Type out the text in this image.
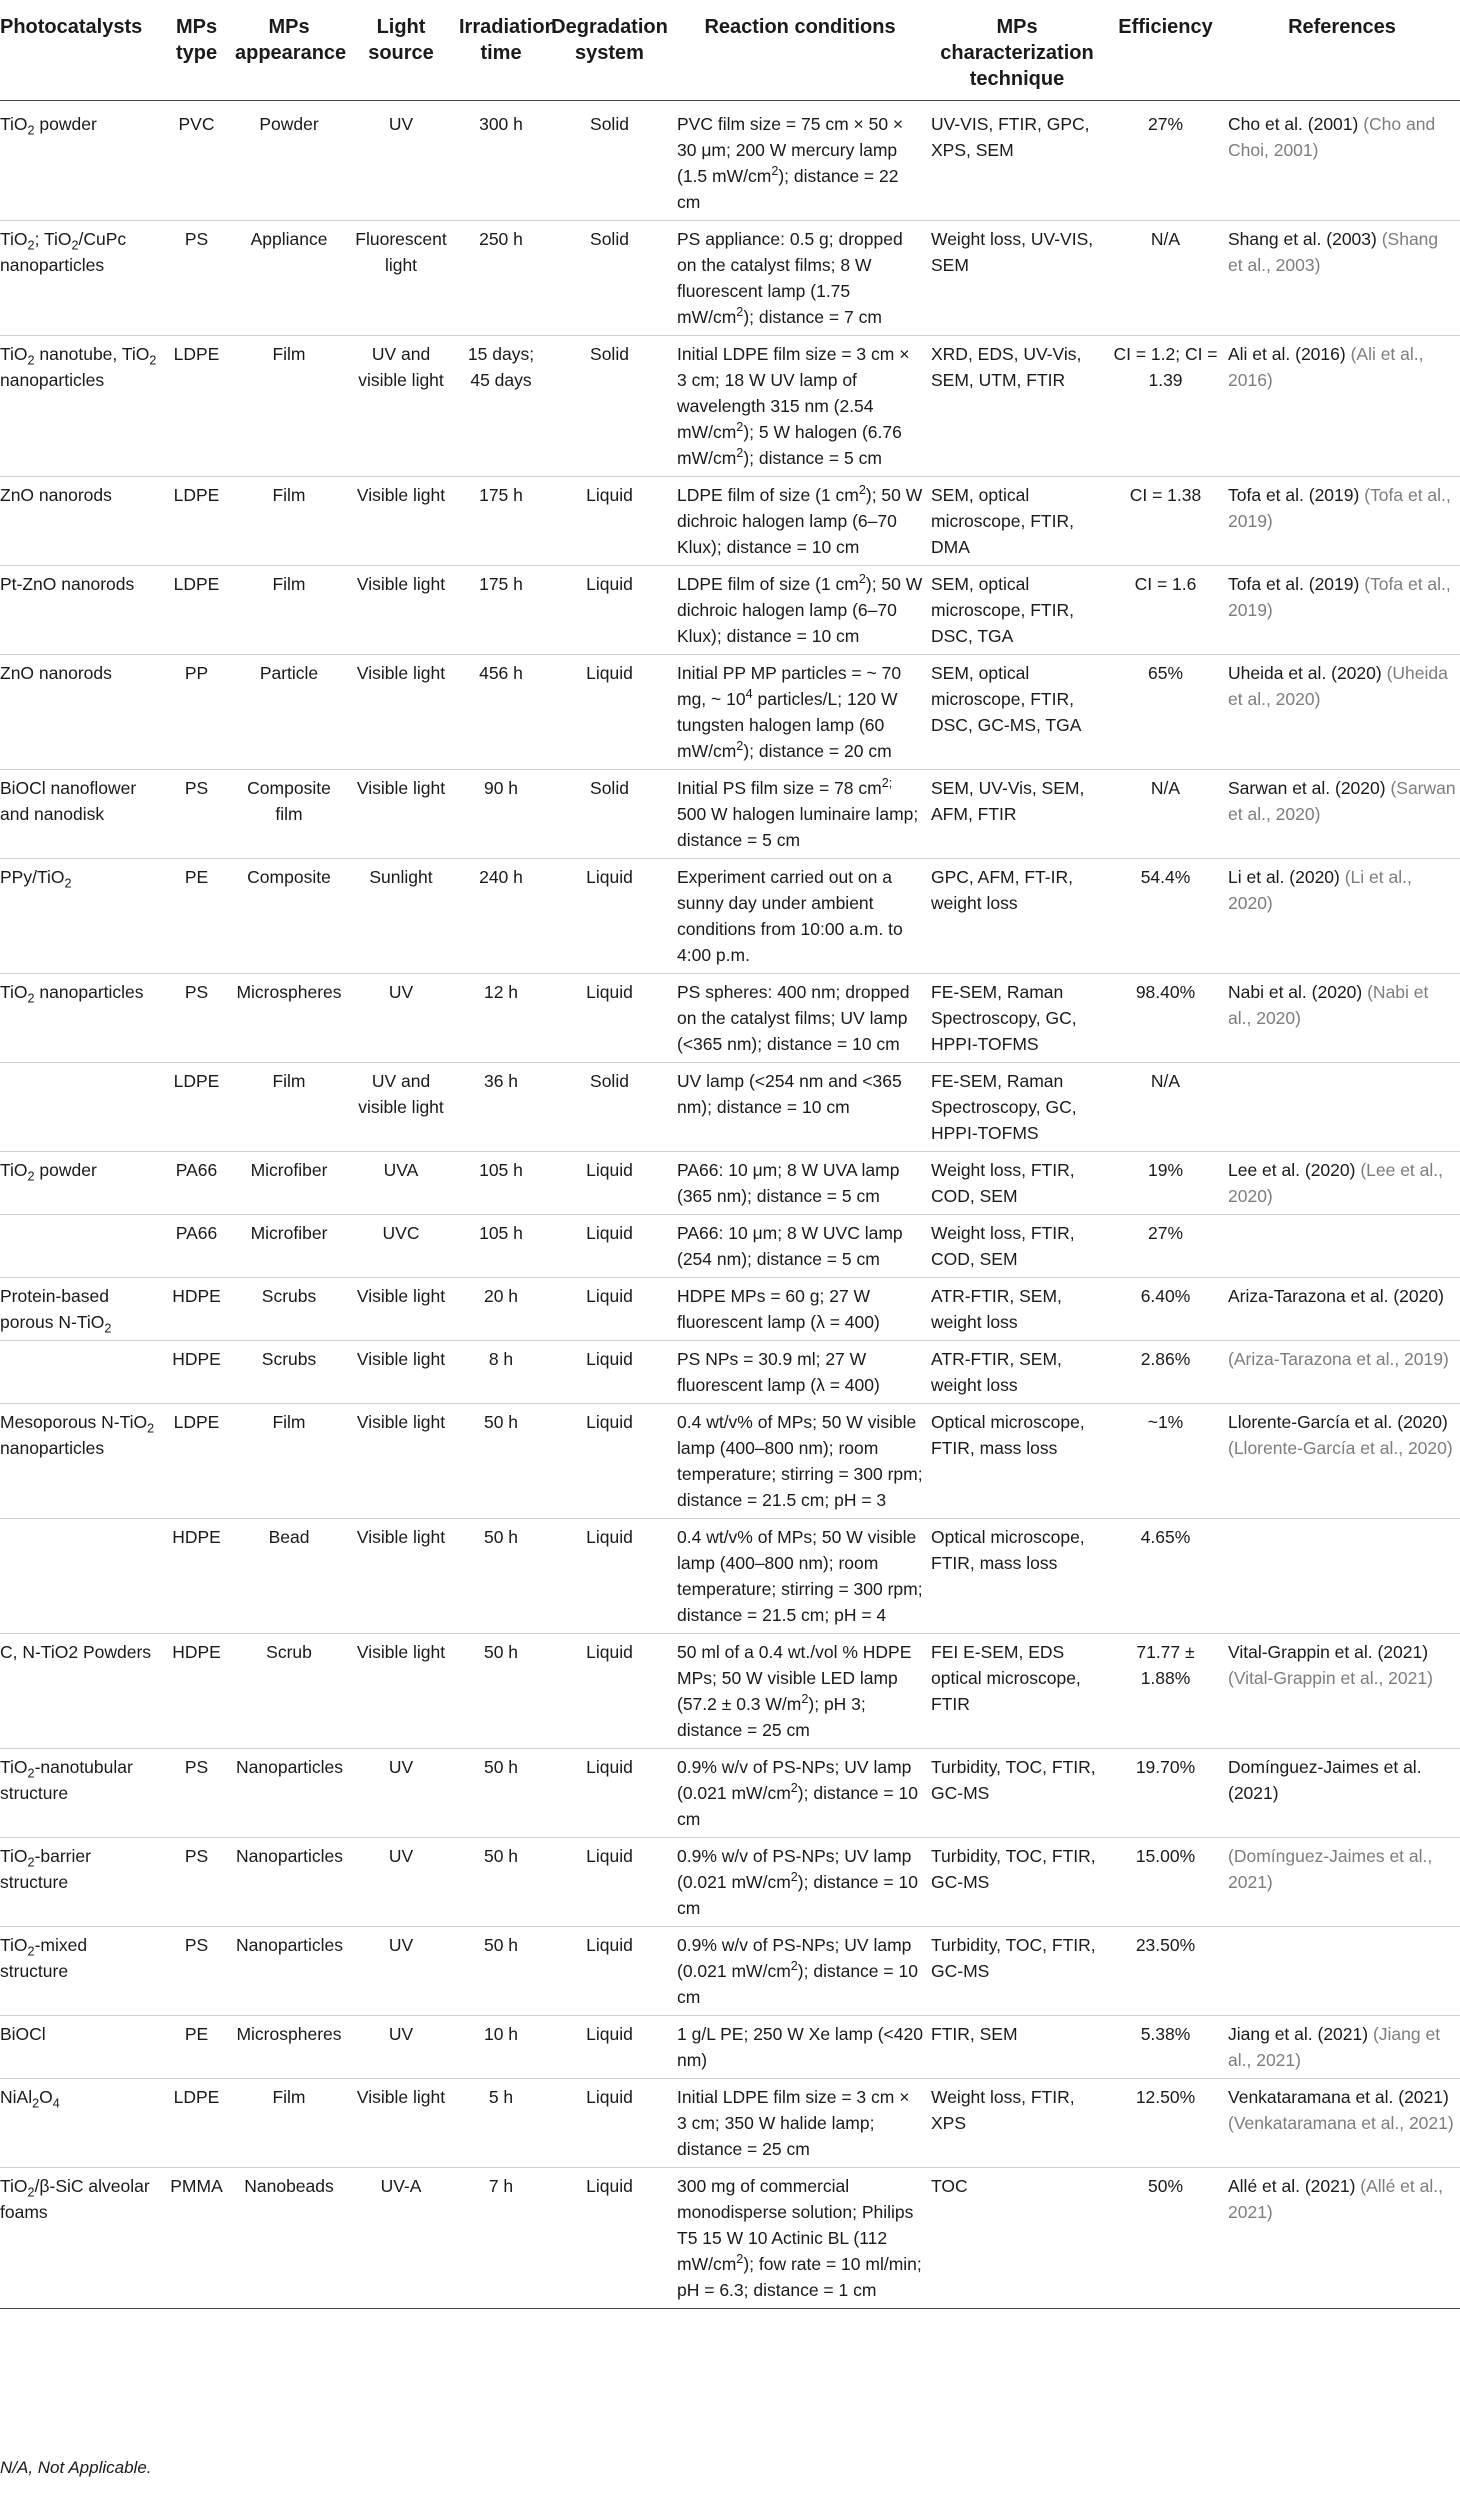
Photocatalysts	MPs type	MPs appearance	Light source	Irradiation time	Degradation system	Reaction conditions	MPs characterization technique	Efficiency	References
TiO$_2$ powder	PVC	Powder	UV	300 h	Solid	PVC film size = 75 cm × 50 × 30 μm; 200 W mercury lamp (1.5 $mW/cm^2$); distance = 22 cm	UV-VIS, FTIR, GPC, XPS, SEM	27%	Cho et al. (2001) (Cho and Choi, 2001)
TiO$_2$; TiO$_2$/CuPc nanoparticles	PS	Appliance	Fluorescent light	250 h	Solid	PS appliance: 0.5 g; dropped on the catalyst films; 8 W fluorescent lamp (1.75 $mW/cm^2$); distance = 7 cm	Weight loss, UV-VIS, SEM	N/A	Shang et al. (2003) (Shang et al., 2003)
TiO$_2$ nanotube, TiO$_2$ nanoparticles	LDPE	Film	UV and visible light	15 days; 45 days	Solid	Initial LDPE film size = 3 cm × 3 cm; 18 W UV lamp of wavelength 315 nm (2.54 $mW/cm^2$); 5 W halogen (6.76 $mW/cm^2$); distance = 5 cm	XRD, EDS, UV-Vis, SEM, UTM, FTIR	CI = 1.2; CI = 1.39	Ali et al. (2016) (Ali et al., 2016)
ZnO nanorods	LDPE	Film	Visible light	175 h	Liquid	LDPE film of size (1 $cm^2$); 50 W dichroic halogen lamp (6–70 Klux); distance = 10 cm	SEM, optical microscope, FTIR, DMA	CI = 1.38	Tofa et al. (2019) (Tofa et al., 2019)
Pt-ZnO nanorods	LDPE	Film	Visible light	175 h	Liquid	LDPE film of size (1 $cm^2$); 50 W dichroic halogen lamp (6–70 Klux); distance = 10 cm	SEM, optical microscope, FTIR, DSC, TGA	CI = 1.6	Tofa et al. (2019) (Tofa et al., 2019)
ZnO nanorods	PP	Particle	Visible light	456 h	Liquid	Initial PP MP particles = ~ 70 mg, ~ $10^4$ particles/L; 120 W tungsten halogen lamp (60 $mW/cm^2$); distance = 20 cm	SEM, optical microscope, FTIR, DSC, GC-MS, TGA	65%	Uheida et al. (2020) (Uheida et al., 2020)
BiOCl nanoflower and nanodisk	PS	Composite film	Visible light	90 h	Solid	Initial PS film size = 78 $cm^{2;}$ 500 W halogen luminaire lamp; distance = 5 cm	SEM, UV-Vis, SEM, AFM, FTIR	N/A	Sarwan et al. (2020) (Sarwan et al., 2020)
PPy/TiO$_2$	PE	Composite	Sunlight	240 h	Liquid	Experiment carried out on a sunny day under ambient conditions from 10:00 a.m. to 4:00 p.m.	GPC, AFM, FT-IR, weight loss	54.4%	Li et al. (2020) (Li et al., 2020)
TiO$_2$ nanoparticles	PS	Microspheres	UV	12 h	Liquid	PS spheres: 400 nm; dropped on the catalyst films; UV lamp (<365 nm); distance = 10 cm	FE-SEM, Raman Spectroscopy, GC, HPPI-TOFMS	98.40%	Nabi et al. (2020) (Nabi et al., 2020)
	LDPE	Film	UV and visible light	36 h	Solid	UV lamp (<254 nm and <365 nm); distance = 10 cm	FE-SEM, Raman Spectroscopy, GC, HPPI-TOFMS	N/A	
TiO$_2$ powder	PA66	Microfiber	UVA	105 h	Liquid	PA66: 10 μm; 8 W UVA lamp (365 nm); distance = 5 cm	Weight loss, FTIR, COD, SEM	19%	Lee et al. (2020) (Lee et al., 2020)
	PA66	Microfiber	UVC	105 h	Liquid	PA66: 10 μm; 8 W UVC lamp (254 nm); distance = 5 cm	Weight loss, FTIR, COD, SEM	27%	
Protein-based porous N-TiO$_2$	HDPE	Scrubs	Visible light	20 h	Liquid	HDPE MPs = 60 g; 27 W fluorescent lamp (λ = 400)	ATR-FTIR, SEM, weight loss	6.40%	Ariza-Tarazona et al. (2020)
	HDPE	Scrubs	Visible light	8 h	Liquid	PS NPs = 30.9 ml; 27 W fluorescent lamp (λ = 400)	ATR-FTIR, SEM, weight loss	2.86%	(Ariza-Tarazona et al., 2019)
Mesoporous N-TiO$_2$ nanoparticles	LDPE	Film	Visible light	50 h	Liquid	0.4 wt/v% of MPs; 50 W visible lamp (400–800 nm); room temperature; stirring = 300 rpm; distance = 21.5 cm; pH = 3	Optical microscope, FTIR, mass loss	~1%	Llorente-García et al. (2020) (Llorente-García et al., 2020)
	HDPE	Bead	Visible light	50 h	Liquid	0.4 wt/v% of MPs; 50 W visible lamp (400–800 nm); room temperature; stirring = 300 rpm; distance = 21.5 cm; pH = 4	Optical microscope, FTIR, mass loss	4.65%	
C, N-TiO2 Powders	HDPE	Scrub	Visible light	50 h	Liquid	50 ml of a 0.4 wt./vol % HDPE MPs; 50 W visible LED lamp (57.2 ± 0.3 $W/m^2$); pH 3; distance = 25 cm	FEI E-SEM, EDS optical microscope, FTIR	71.77 ± 1.88%	Vital-Grappin et al. (2021) (Vital-Grappin et al., 2021)
TiO$_2$-nanotubular structure	PS	Nanoparticles	UV	50 h	Liquid	0.9% w/v of PS-NPs; UV lamp (0.021 $mW/cm^2$); distance = 10 cm	Turbidity, TOC, FTIR, GC-MS	19.70%	Domínguez-Jaimes et al. (2021)
TiO$_2$-barrier structure	PS	Nanoparticles	UV	50 h	Liquid	0.9% w/v of PS-NPs; UV lamp (0.021 $mW/cm^2$); distance = 10 cm	Turbidity, TOC, FTIR, GC-MS	15.00%	(Domínguez-Jaimes et al., 2021)
TiO$_2$-mixed structure	PS	Nanoparticles	UV	50 h	Liquid	0.9% w/v of PS-NPs; UV lamp (0.021 $mW/cm^2$); distance = 10 cm	Turbidity, TOC, FTIR, GC-MS	23.50%	
BiOCl	PE	Microspheres	UV	10 h	Liquid	1 g/L PE; 250 W Xe lamp (<420 nm)	FTIR, SEM	5.38%	Jiang et al. (2021) (Jiang et al., 2021)
$NiAl_2O_4$	LDPE	Film	Visible light	5 h	Liquid	Initial LDPE film size = 3 cm × 3 cm; 350 W halide lamp; distance = 25 cm	Weight loss, FTIR, XPS	12.50%	Venkataramana et al. (2021) (Venkataramana et al., 2021)
TiO$_2$/β-SiC alveolar foams	PMMA	Nanobeads	UV-A	7 h	Liquid	300 mg of commercial monodisperse solution; Philips T5 15 W 10 Actinic BL (112 $mW/cm^2$); fow rate = 10 ml/min; pH = 6.3; distance = 1 cm	TOC	50%	Allé et al. (2021) (Allé et al., 2021)
N/A, Not Applicable.
